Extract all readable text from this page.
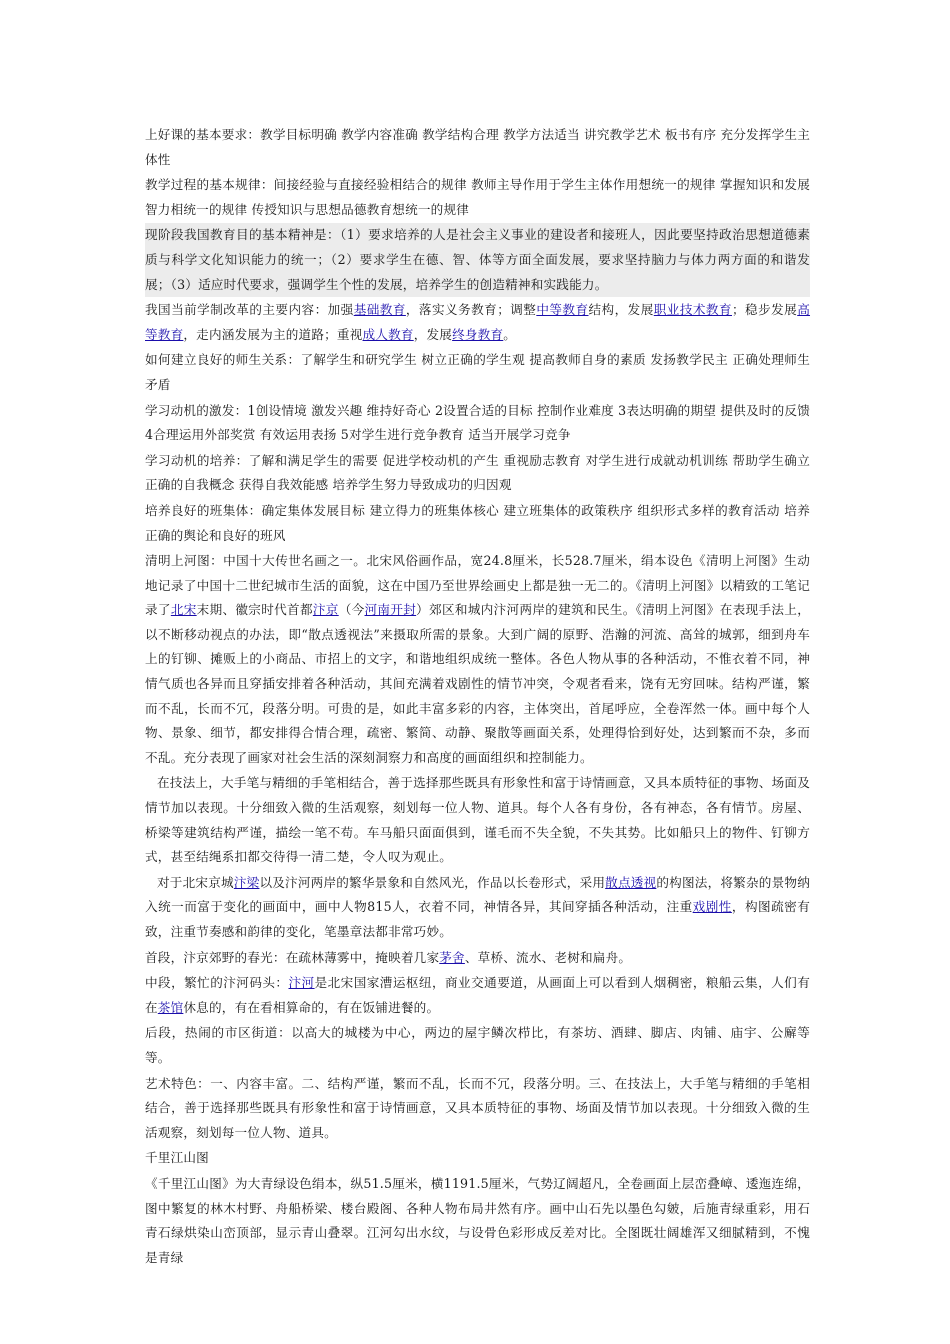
上好课的基本要求：教学目标明确 教学内容准确 教学结构合理 教学方法适当 讲究教学艺术 板书有序 充分发挥学生主体性

教学过程的基本规律：间接经验与直接经验相结合的规律 教师主导作用于学生主体作用想统一的规律 掌握知识和发展智力相统一的规律 传授知识与思想品德教育想统一的规律

现阶段我国教育目的基本精神是：（1）要求培养的人是社会主义事业的建设者和接班人，因此要坚持政治思想道德素质与科学文化知识能力的统一；（2）要求学生在德、智、体等方面全面发展，要求坚持脑力与体力两方面的和谐发展；（3）适应时代要求，强调学生个性的发展，培养学生的创造精神和实践能力。

我国当前学制改革的主要内容：加强基础教育，落实义务教育；调整中等教育结构，发展职业技术教育；稳步发展高等教育，走内涵发展为主的道路；重视成人教育，发展终身教育。

如何建立良好的师生关系：了解学生和研究学生 树立正确的学生观 提高教师自身的素质 发扬教学民主 正确处理师生矛盾

学习动机的激发：1创设情境 激发兴趣 维持好奇心 2设置合适的目标 控制作业难度 3表达明确的期望 提供及时的反馈 4合理运用外部奖赏 有效运用表扬 5对学生进行竞争教育 适当开展学习竞争

学习动机的培养：了解和满足学生的需要 促进学校动机的产生 重视励志教育 对学生进行成就动机训练 帮助学生确立正确的自我概念 获得自我效能感 培养学生努力导致成功的归因观

培养良好的班集体：确定集体发展目标 建立得力的班集体核心 建立班集体的政策秩序 组织形式多样的教育活动 培养正确的舆论和良好的班风

清明上河图：中国十大传世名画之一。北宋风俗画作品，宽24.8厘米，长528.7厘米，绢本设色《清明上河图》生动地记录了中国十二世纪城市生活的面貌，这在中国乃至世界绘画史上都是独一无二的。《清明上河图》以精致的工笔记录了北宋末期、徽宗时代首都汴京（今河南开封）郊区和城内汴河两岸的建筑和民生。《清明上河图》在表现手法上，以不断移动视点的办法，即“散点透视法”来摄取所需的景象。大到广阔的原野、浩瀚的河流、高耸的城郭，细到舟车上的钉铆、摊贩上的小商品、市招上的文字，和谐地组织成统一整体。各色人物从事的各种活动，不惟衣着不同，神情气质也各异而且穿插安排着各种活动，其间充满着戏剧性的情节冲突，令观者看来，饶有无穷回味。结构严谨，繁而不乱，长而不冗，段落分明。可贵的是，如此丰富多彩的内容，主体突出，首尾呼应，全卷浑然一体。画中每个人物、景象、细节，都安排得合情合理，疏密、繁简、动静、聚散等画面关系，处理得恰到好处，达到繁而不杂，多而不乱。充分表现了画家对社会生活的深刻洞察力和高度的画面组织和控制能力。

在技法上，大手笔与精细的手笔相结合，善于选择那些既具有形象性和富于诗情画意，又具本质特征的事物、场面及情节加以表现。十分细致入微的生活观察，刻划每一位人物、道具。每个人各有身份，各有神态，各有情节。房屋、桥梁等建筑结构严谨，描绘一笔不苟。车马船只面面俱到，谨毛而不失全貌，不失其势。比如船只上的物件、钉铆方式，甚至结绳系扣都交待得一清二楚，令人叹为观止。

对于北宋京城汴梁以及汴河两岸的繁华景象和自然风光，作品以长卷形式，采用散点透视的构图法，将繁杂的景物纳入统一而富于变化的画面中，画中人物815人，衣着不同，神情各异，其间穿插各种活动，注重戏剧性，构图疏密有致，注重节奏感和韵律的变化，笔墨章法都非常巧妙。

首段，汴京郊野的春光：在疏林薄雾中，掩映着几家茅舍、草桥、流水、老树和扁舟。

中段，繁忙的汴河码头：汴河是北宋国家漕运枢纽，商业交通要道，从画面上可以看到人烟稠密，粮船云集，人们有在茶馆休息的，有在看相算命的，有在饭铺进餐的。

后段，热闹的市区街道：以高大的城楼为中心，两边的屋宇鳞次栉比，有茶坊、酒肆、脚店、肉铺、庙宇、公廨等等。

艺术特色：一、内容丰富。二、结构严谨，繁而不乱，长而不冗，段落分明。三、在技法上，大手笔与精细的手笔相结合，善于选择那些既具有形象性和富于诗情画意，又具本质特征的事物、场面及情节加以表现。十分细致入微的生活观察，刻划每一位人物、道具。

千里江山图

《千里江山图》为大青绿设色绢本，纵51.5厘米，横1191.5厘米，气势辽阔超凡，全卷画面上层峦叠嶂、逶迤连绵，图中繁复的林木村野、舟船桥梁、楼台殿阁、各种人物布局井然有序。画中山石先以墨色勾皴，后施青绿重彩，用石青石绿烘染山峦顶部，显示青山叠翠。江河勾出水纹，与设骨色彩形成反差对比。全图既壮阔雄浑又细腻精到，不愧是青绿
